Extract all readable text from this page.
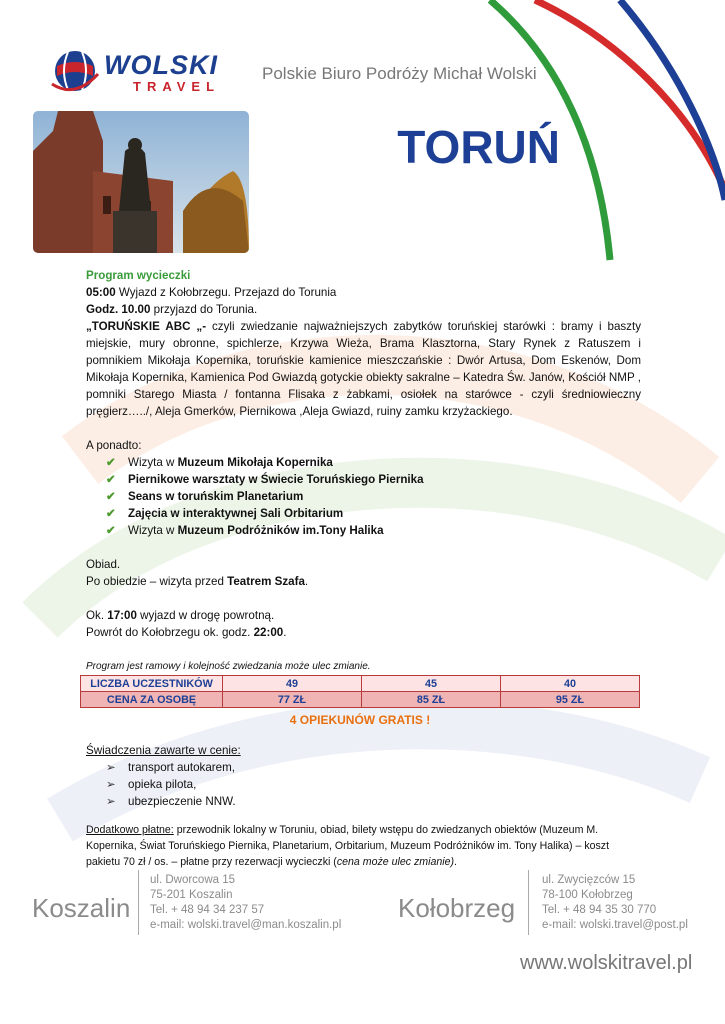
WOLSKI
TRAVEL
Polskie Biuro Podróży Michał Wolski
TORUŃ

Program wycieczki

05:00 Wyjazd z Kołobrzegu. Przejazd do Torunia

Godz. 10.00 przyjazd do Torunia.

„TORUŃSKIE ABC „- czyli zwiedzanie najważniejszych zabytków toruńskiej starówki : bramy i baszty miejskie, mury obronne, spichlerze, Krzywa Wieża, Brama Klasztorna, Stary Rynek z Ratuszem i pomnikiem Mikołaja Kopernika, toruńskie kamienice mieszczańskie : Dwór Artusa, Dom Eskenów, Dom Mikołaja Kopernika, Kamienica Pod Gwiazdą gotyckie obiekty sakralne – Katedra Św. Janów, Kościół NMP , pomniki Starego Miasta / fontanna Flisaka z żabkami, osiołek na starówce - czyli średniowieczny pręgierz…../, Aleja Gmerków, Piernikowa ,Aleja Gwiazd, ruiny zamku krzyżackiego.

A ponadto:

✔ Wizyta w Muzeum Mikołaja Kopernika
✔ Piernikowe warsztaty w Świecie Toruńskiego Piernika
✔ Seans w toruńskim Planetarium
✔ Zajęcia w interaktywnej Sali Orbitarium
✔ Wizyta w Muzeum Podróżników im.Tony Halika

Obiad.

Po obiedzie – wizyta przed Teatrem Szafa.

Ok. 17:00 wyjazd w drogę powrotną.

Powrót do Kołobrzegu ok. godz. 22:00.

Program jest ramowy i kolejność zwiedzania może ulec zmianie.

LICZBA UCZESTNIKÓW	49	45	40
CENA ZA OSOBĘ	77 ZŁ	85 ZŁ	95 ZŁ
4 OPIEKUNÓW GRATIS !
Świadczenia zawarte w cenie:
➢ transport autokarem,
➢ opieka pilota,
➢ ubezpieczenie NNW.
Dodatkowo płatne: przewodnik lokalny w Toruniu, obiad, bilety wstępu do zwiedzanych obiektów (Muzeum M. Kopernika, Świat Toruńskiego Piernika, Planetarium, Orbitarium, Muzeum Podróżników im. Tony Halika) – koszt pakietu 70 zł / os. – płatne przy rezerwacji wycieczki (cena może ulec zmianie).
Koszalin
ul. Dworcowa 15
75-201 Koszalin
Tel. + 48 94 34 237 57
e-mail: wolski.travel@man.koszalin.pl
Kołobrzeg
ul. Zwycięzców 15
78-100 Kołobrzeg
Tel. + 48 94 35 30 770
e-mail: wolski.travel@post.pl
www.wolskitravel.pl
